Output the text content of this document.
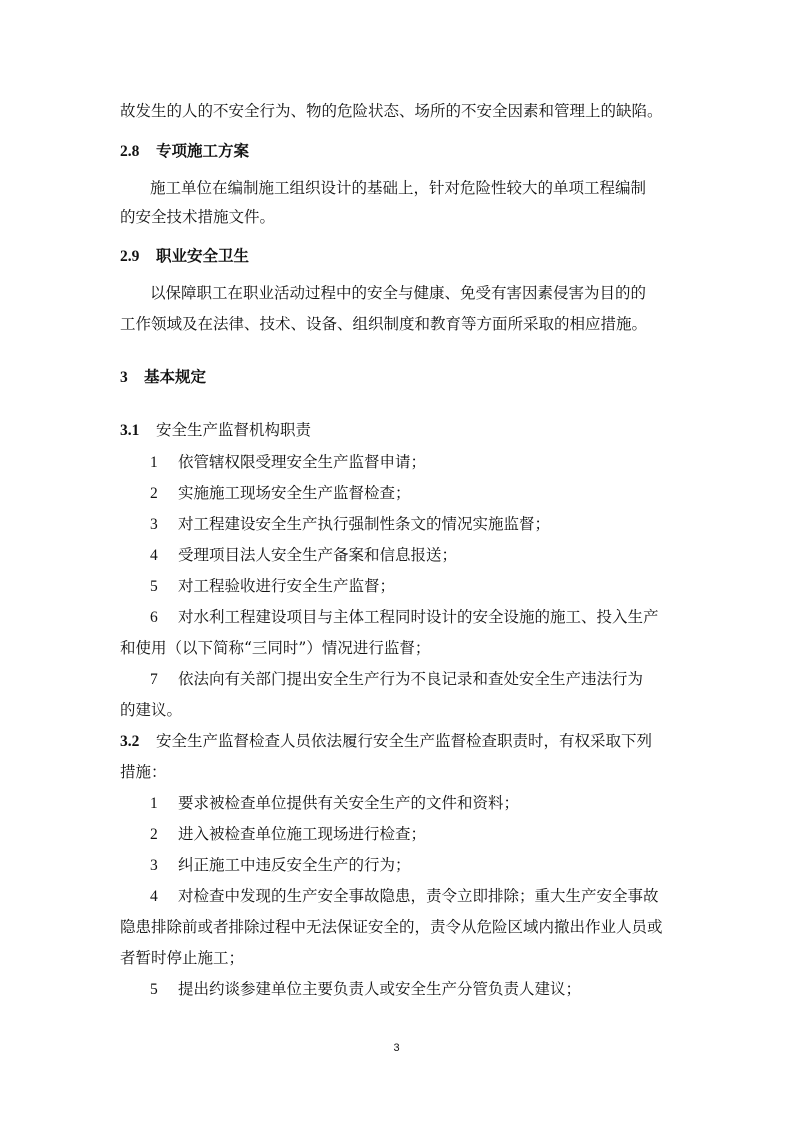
故发生的人的不安全行为、物的危险状态、场所的不安全因素和管理上的缺陷。
2.8 专项施工方案
施工单位在编制施工组织设计的基础上，针对危险性较大的单项工程编制
的安全技术措施文件。
2.9 职业安全卫生
以保障职工在职业活动过程中的安全与健康、免受有害因素侵害为目的的
工作领域及在法律、技术、设备、组织制度和教育等方面所采取的相应措施。
3 基本规定
3.1 安全生产监督机构职责
1 依管辖权限受理安全生产监督申请；
2 实施施工现场安全生产监督检查；
3 对工程建设安全生产执行强制性条文的情况实施监督；
4 受理项目法人安全生产备案和信息报送；
5 对工程验收进行安全生产监督；
6 对水利工程建设项目与主体工程同时设计的安全设施的施工、投入生产
和使用（以下简称“三同时”）情况进行监督；
7 依法向有关部门提出安全生产行为不良记录和查处安全生产违法行为
的建议。
3.2 安全生产监督检查人员依法履行安全生产监督检查职责时，有权采取下列
措施：
1 要求被检查单位提供有关安全生产的文件和资料；
2 进入被检查单位施工现场进行检查；
3 纠正施工中违反安全生产的行为；
4 对检查中发现的生产安全事故隐患，责令立即排除；重大生产安全事故
隐患排除前或者排除过程中无法保证安全的，责令从危险区域内撤出作业人员或
者暂时停止施工；
5 提出约谈参建单位主要负责人或安全生产分管负责人建议；
3
